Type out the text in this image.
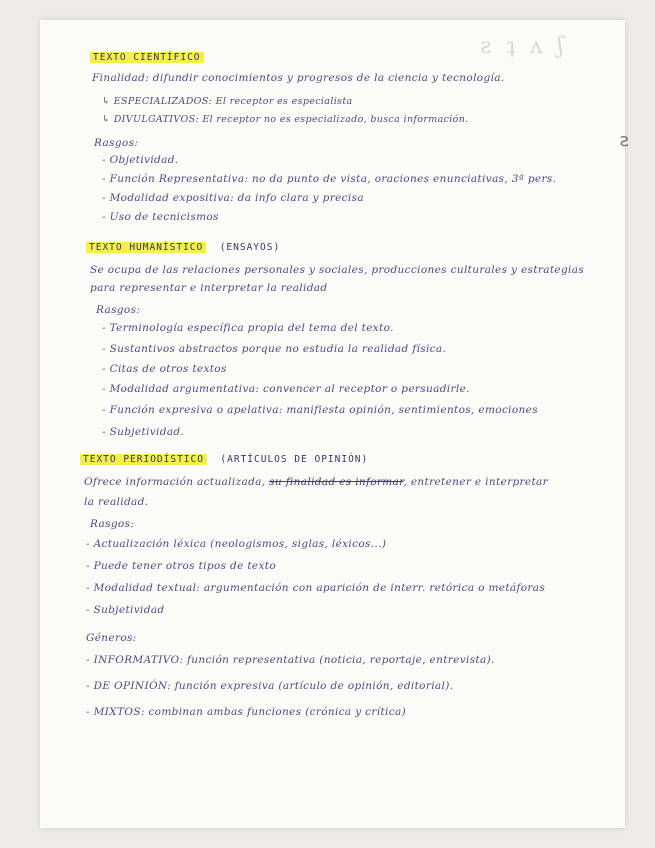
ƨ ʇ ʌ ʃ
ƨ
TEXTO CIENTÍFICO
Finalidad: difundir conocimientos y progresos de la ciencia y tecnología.
↳ ESPECIALIZADOS: El receptor es especialista
↳ DIVULGATIVOS: El receptor no es especializado, busca información.
Rasgos:
- Objetividad.
- Función Representativa: no da punto de vista, oraciones enunciativas, 3ª pers.
- Modalidad expositiva: da info clara y precisa
- Uso de tecnicismos
TEXTO HUMANÍSTICO (ENSAYOS)
Se ocupa de las relaciones personales y sociales, producciones culturales y estrategias
para representar e interpretar la realidad
Rasgos:
- Terminología específica propia del tema del texto.
- Sustantivos abstractos porque no estudia la realidad física.
- Citas de otros textos
- Modalidad argumentativa: convencer al receptor o persuadirle.
- Función expresiva o apelativa: manifiesta opinión, sentimientos, emociones
- Subjetividad.
TEXTO PERIODÍSTICO (ARTÍCULOS DE OPINIÓN)
Ofrece información actualizada, su finalidad es informar, entretener e interpretar
la realidad.
Rasgos:
- Actualización léxica (neologismos, siglas, léxicos...)
- Puede tener otros tipos de texto
- Modalidad textual: argumentación con aparición de interr. retórica o metáforas
- Subjetividad
Géneros:
- INFORMATIVO: función representativa (noticia, reportaje, entrevista).
- DE OPINIÓN: función expresiva (artículo de opinión, editorial).
- MIXTOS: combinan ambas funciones (crónica y crítica)
